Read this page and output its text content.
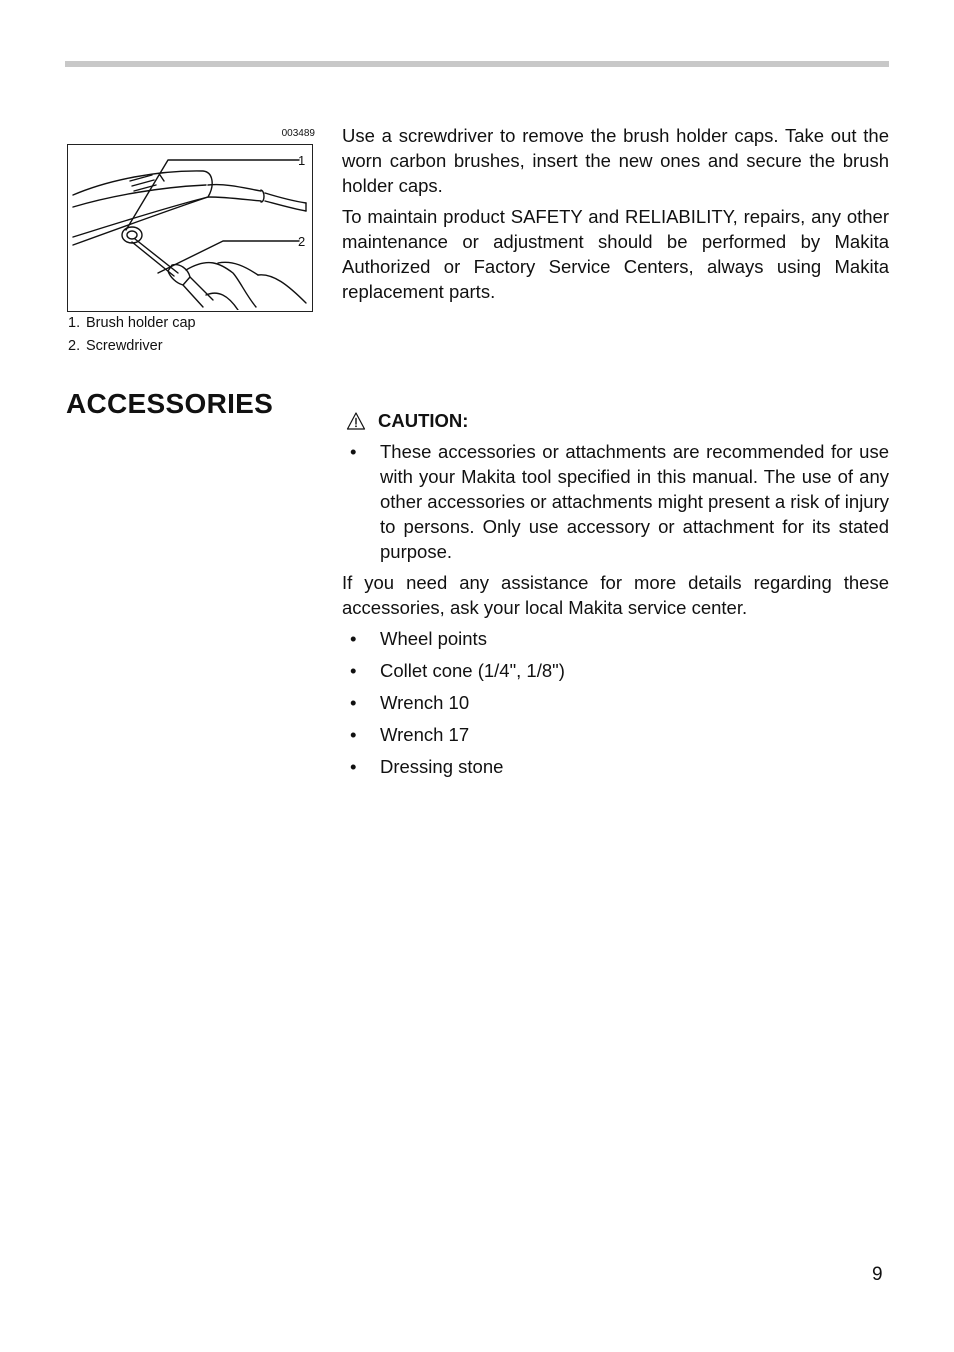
003489
1
2
1. Brush holder cap
2. Screwdriver

Use a screwdriver to remove the brush holder caps. Take out the worn carbon brushes, insert the new ones and secure the brush holder caps.

To maintain product SAFETY and RELIABILITY, repairs, any other maintenance or adjustment should be performed by Makita Authorized or Factory Service Centers, always using Makita replacement parts.

ACCESSORIES
CAUTION:
•	These accessories or attachments are recommended for use with your Makita tool specified in this manual. The use of any other accessories or attachments might present a risk of injury to persons. Only use accessory or attachment for its stated purpose.

If you need any assistance for more details regarding these accessories, ask your local Makita service center.

•	Wheel points
•	Collet cone (1/4", 1/8")
•	Wrench 10
•	Wrench 17
•	Dressing stone
9
